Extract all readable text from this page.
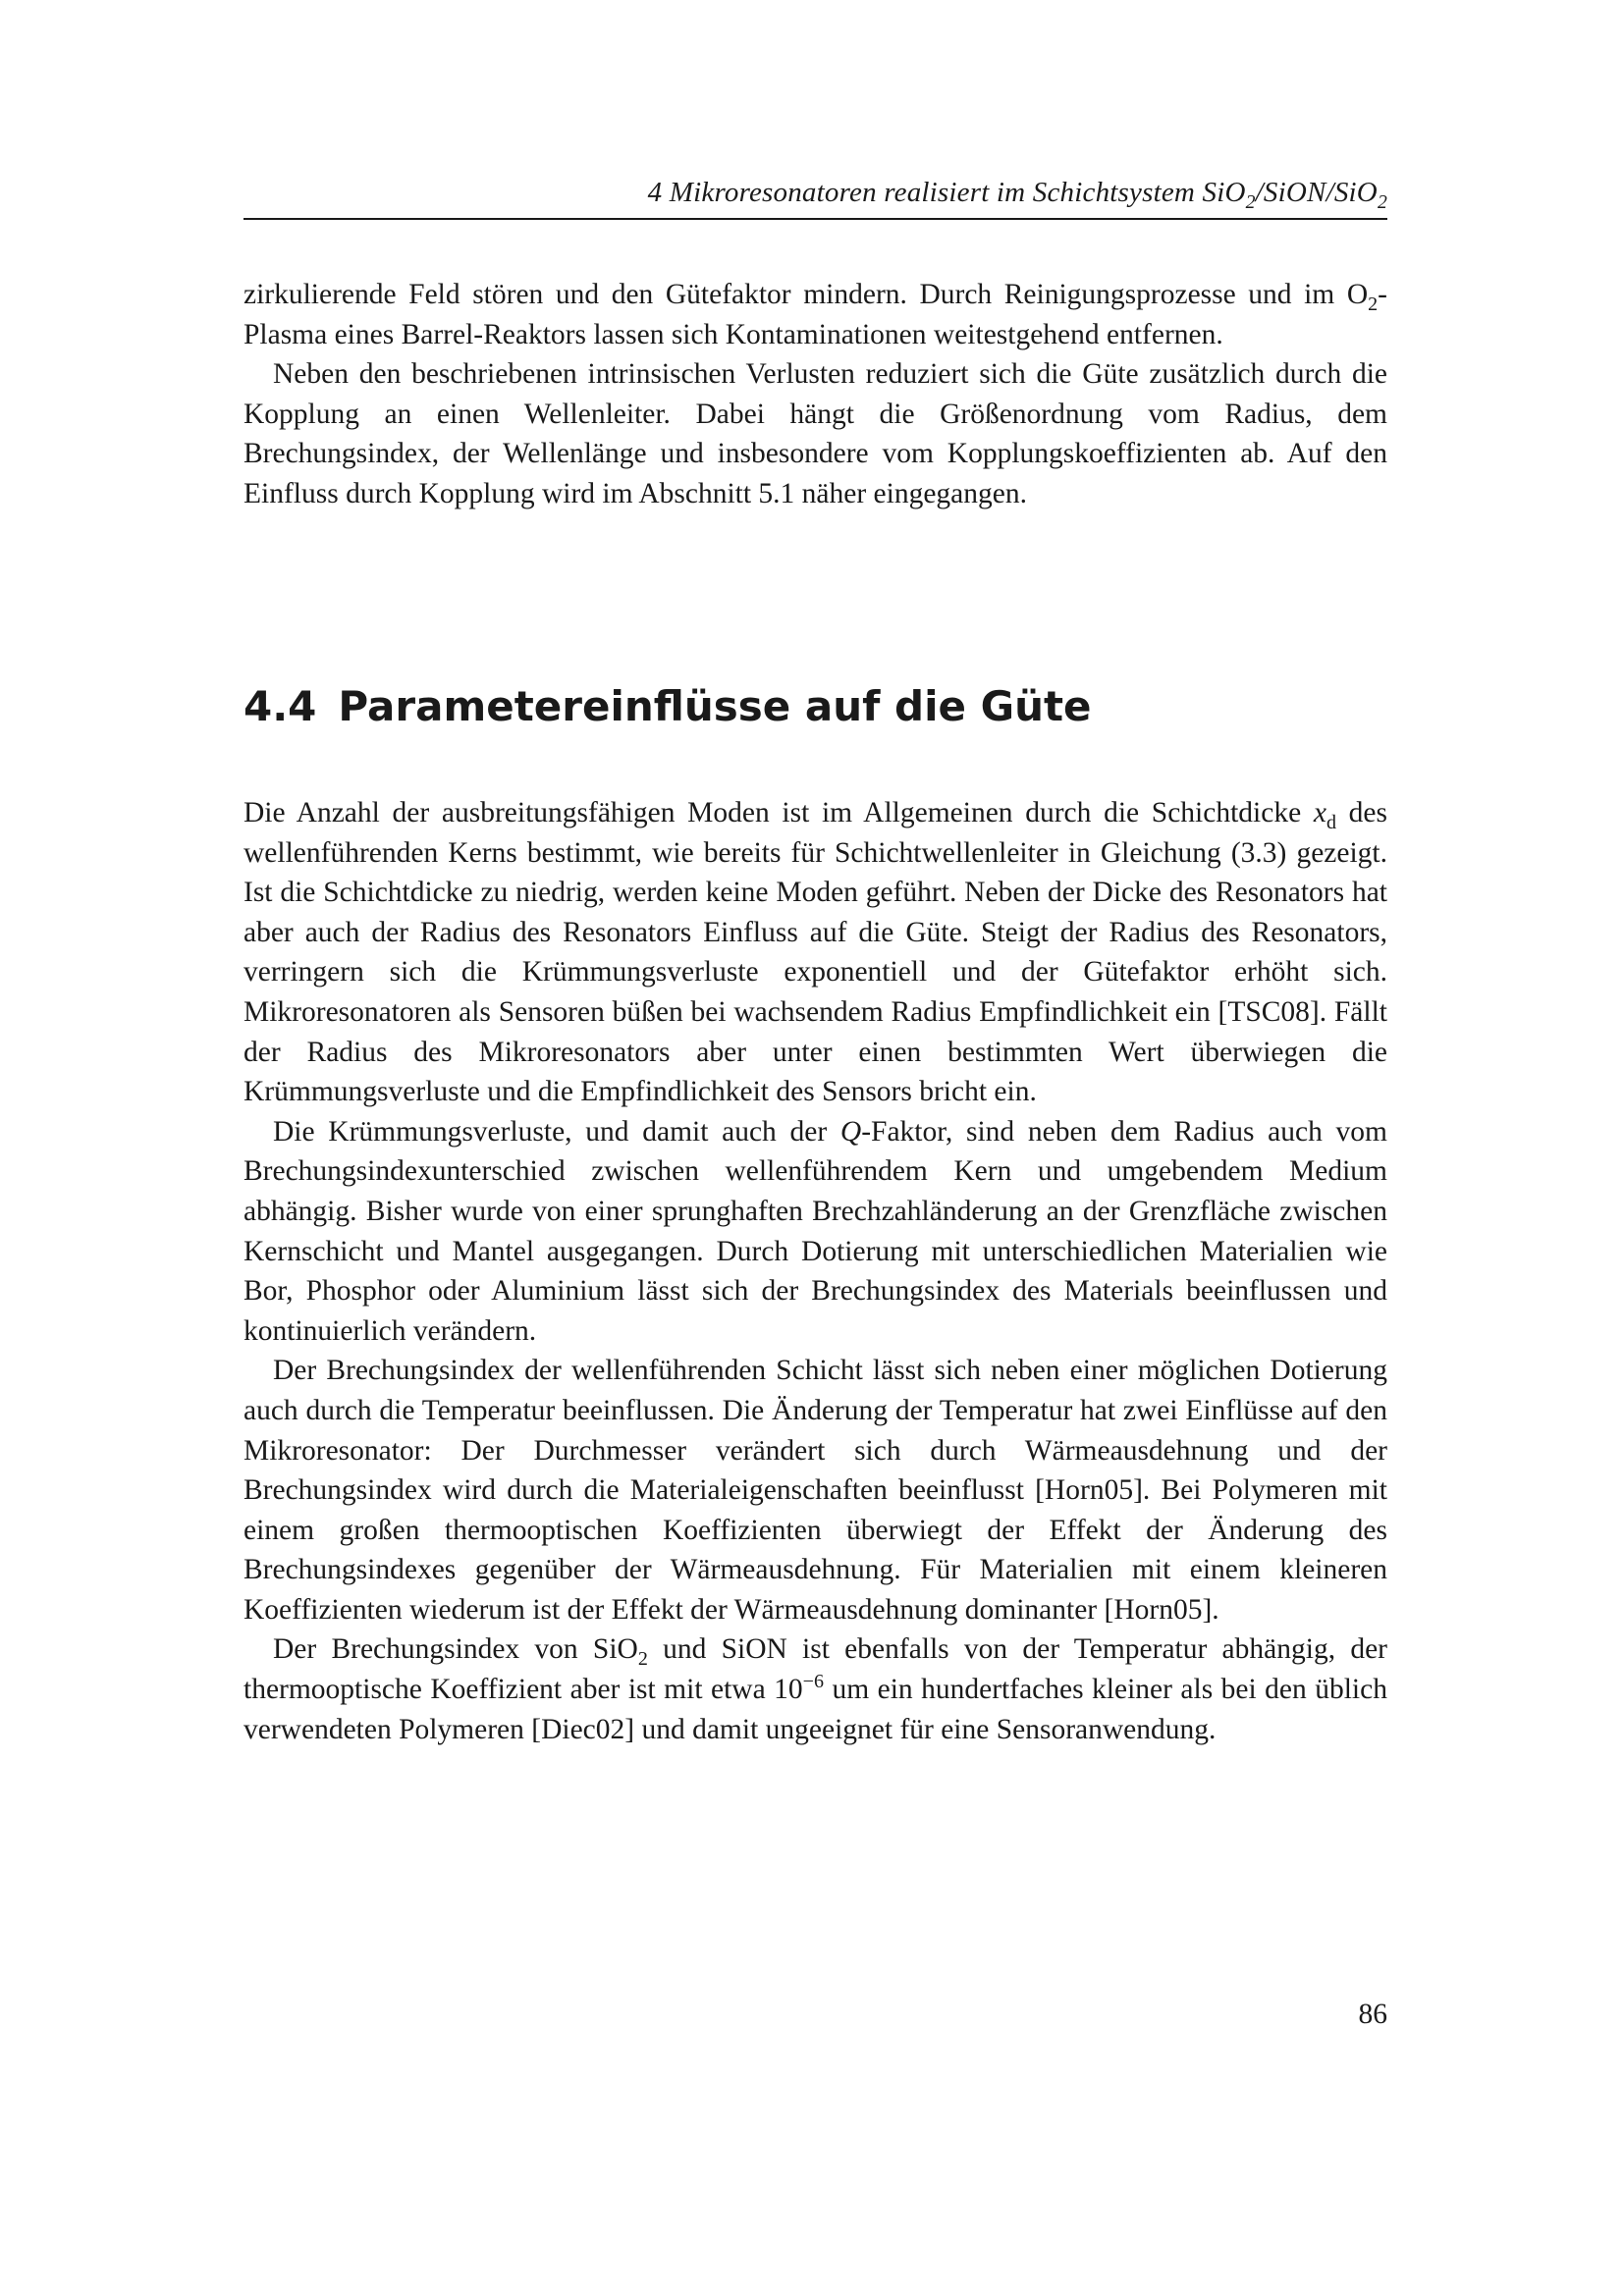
4 Mikroresonatoren realisiert im Schichtsystem SiO$_2$/SiON/SiO$_2$

zirkulierende Feld stören und den Gütefaktor mindern. Durch Reinigungsprozesse und im $O_2$-Plasma eines Barrel-Reaktors lassen sich Kontaminationen weitestgehend entfernen.

Neben den beschriebenen intrinsischen Verlusten reduziert sich die Güte zusätzlich durch die Kopplung an einen Wellenleiter. Dabei hängt die Größenordnung vom Radius, dem Brechungsindex, der Wellenlänge und insbesondere vom Kopplungskoeffizienten ab. Auf den Einfluss durch Kopplung wird im Abschnitt 5.1 näher eingegangen.

4.4 Parametereinflüsse auf die Güte

Die Anzahl der ausbreitungsfähigen Moden ist im Allgemeinen durch die Schichtdicke $x_d$ des wellenführenden Kerns bestimmt, wie bereits für Schichtwellenleiter in Gleichung (3.3) gezeigt. Ist die Schichtdicke zu niedrig, werden keine Moden geführt. Neben der Dicke des Resonators hat aber auch der Radius des Resonators Einfluss auf die Güte. Steigt der Radius des Resonators, verringern sich die Krümmungsverluste exponentiell und der Gütefaktor erhöht sich. Mikroresonatoren als Sensoren büßen bei wachsendem Radius Empfindlichkeit ein [TSC08]. Fällt der Radius des Mikroresonators aber unter einen bestimmten Wert überwiegen die Krümmungsverluste und die Empfindlichkeit des Sensors bricht ein.

Die Krümmungsverluste, und damit auch der Q-Faktor, sind neben dem Radius auch vom Brechungsindexunterschied zwischen wellenführendem Kern und umgebendem Medium abhängig. Bisher wurde von einer sprunghaften Brechzahländerung an der Grenzfläche zwischen Kernschicht und Mantel ausgegangen. Durch Dotierung mit unterschiedlichen Materialien wie Bor, Phosphor oder Aluminium lässt sich der Brechungsindex des Materials beeinflussen und kontinuierlich verändern.

Der Brechungsindex der wellenführenden Schicht lässt sich neben einer möglichen Dotierung auch durch die Temperatur beeinflussen. Die Änderung der Temperatur hat zwei Einflüsse auf den Mikroresonator: Der Durchmesser verändert sich durch Wärmeausdehnung und der Brechungsindex wird durch die Materialeigenschaften beeinflusst [Horn05]. Bei Polymeren mit einem großen thermooptischen Koeffizienten überwiegt der Effekt der Änderung des Brechungsindexes gegenüber der Wärmeausdehnung. Für Materialien mit einem kleineren Koeffizienten wiederum ist der Effekt der Wärmeausdehnung dominanter [Horn05].

Der Brechungsindex von SiO$_2$ und SiON ist ebenfalls von der Temperatur abhängig, der thermooptische Koeffizient aber ist mit etwa $10^{-6}$ um ein hundertfaches kleiner als bei den üblich verwendeten Polymeren [Diec02] und damit ungeeignet für eine Sensoranwendung.

86
